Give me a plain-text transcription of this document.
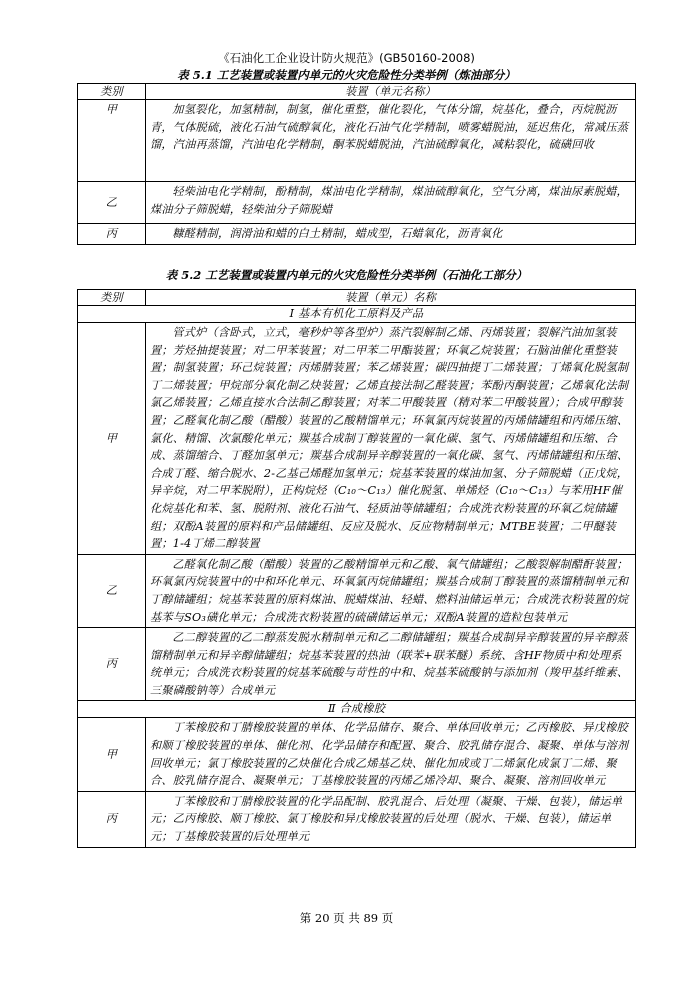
《石油化工企业设计防火规范》(GB50160-2008)
表 5.1 工艺装置或装置内单元的火灾危险性分类举例（炼油部分）
类别	装置（单元名称）
甲	加氢裂化，加氢精制，制氢，催化重整，催化裂化，气体分馏，烷基化，叠合，丙烷脱沥青，气体脱硫，液化石油气硫醇氧化，液化石油气化学精制，喷雾蜡脱油，延迟焦化，常减压蒸馏，汽油再蒸馏，汽油电化学精制，酮苯脱蜡脱油，汽油硫醇氧化，减粘裂化，硫磺回收

乙	轻柴油电化学精制，酚精制，煤油电化学精制，煤油硫醇氧化，空气分离，煤油尿素脱蜡，煤油分子筛脱蜡，轻柴油分子筛脱蜡

丙	糠醛精制，润滑油和蜡的白土精制，蜡成型，石蜡氧化，沥青氧化
表 5.2 工艺装置或装置内单元的火灾危险性分类举例（石油化工部分）
类别	装置（单元）名称
Ⅰ 基本有机化工原料及产品	
甲	管式炉（含卧式，立式，毫秒炉等各型炉）蒸汽裂解制乙烯、丙烯装置；裂解汽油加氢装置；芳烃抽提装置；对二甲苯装置；对二甲苯二甲酯装置；环氧乙烷装置；石脑油催化重整装置；制氢装置；环己烷装置；丙烯腈装置；苯乙烯装置；碳四抽提丁二烯装置；丁烯氧化脱氢制丁二烯装置；甲烷部分氧化制乙炔装置；乙烯直接法制乙醛装置；苯酚丙酮装置；乙烯氧化法制氯乙烯装置；乙烯直接水合法制乙醇装置；对苯二甲酸装置（精对苯二甲酸装置）；合成甲醇装置；乙醛氧化制乙酸（醋酸）装置的乙酸精馏单元；环氧氯丙烷装置的丙烯储罐组和丙烯压缩、氯化、精馏、次氯酸化单元；羰基合成制丁醇装置的一氧化碳、氢气、丙烯储罐组和压缩、合成、蒸馏缩合、丁醛加氢单元；羰基合成制异辛醇装置的一氧化碳、氢气、丙烯储罐组和压缩、合成丁醛、缩合脱水、2-乙基己烯醛加氢单元；烷基苯装置的煤油加氢、分子筛脱蜡（正戊烷，异辛烷，对二甲苯脱附），正构烷烃（C₁₀～C₁₃）催化脱氢、单烯烃（C₁₀～C₁₃）与苯用HF催化烷基化和苯、氢、脱附剂、液化石油气、轻质油等储罐组；合成洗衣粉装置的环氧乙烷储罐组；双酚A装置的原料和产品储罐组、反应及脱水、反应物精制单元；MTBE装置；二甲醚装置；1-4丁烯二醇装置

乙	乙醛氧化制乙酸（醋酸）装置的乙酸精馏单元和乙酸、氧气储罐组；乙酸裂解制醋酐装置；环氧氯丙烷装置中的中和环化单元、环氧氯丙烷储罐组；羰基合成制丁醇装置的蒸馏精制单元和丁醇储罐组；烷基苯装置的原料煤油、脱蜡煤油、轻蜡、燃料油储运单元；合成洗衣粉装置的烷基苯与SO₃磺化单元；合成洗衣粉装置的硫磺储运单元；双酚A装置的造粒包装单元

丙	乙二醇装置的乙二醇蒸发脱水精制单元和乙二醇储罐组；羰基合成制异辛醇装置的异辛醇蒸馏精制单元和异辛醇储罐组；烷基苯装置的热油（联苯+联苯醚）系统、含HF物质中和处理系统单元；合成洗衣粉装置的烷基苯硫酸与苛性的中和、烷基苯硫酸钠与添加剂（羧甲基纤维素、三聚磷酸钠等）合成单元

Ⅱ 合成橡胶	
甲	丁苯橡胶和丁腈橡胶装置的单体、化学品储存、聚合、单体回收单元；乙丙橡胶、异戊橡胶和顺丁橡胶装置的单体、催化剂、化学品储存和配置、聚合、胶乳储存混合、凝聚、单体与溶剂回收单元；氯丁橡胶装置的乙炔催化合成乙烯基乙炔、催化加成或丁二烯氯化成氯丁二烯、聚合、胶乳储存混合、凝聚单元；丁基橡胶装置的丙烯乙烯冷却、聚合、凝聚、溶剂回收单元

丙	丁苯橡胶和丁腈橡胶装置的化学品配制、胶乳混合、后处理（凝聚、干燥、包装），储运单元；乙丙橡胶、顺丁橡胶、氯丁橡胶和异戊橡胶装置的后处理（脱水、干燥、包装），储运单元；丁基橡胶装置的后处理单元
第 20 页 共 89 页
